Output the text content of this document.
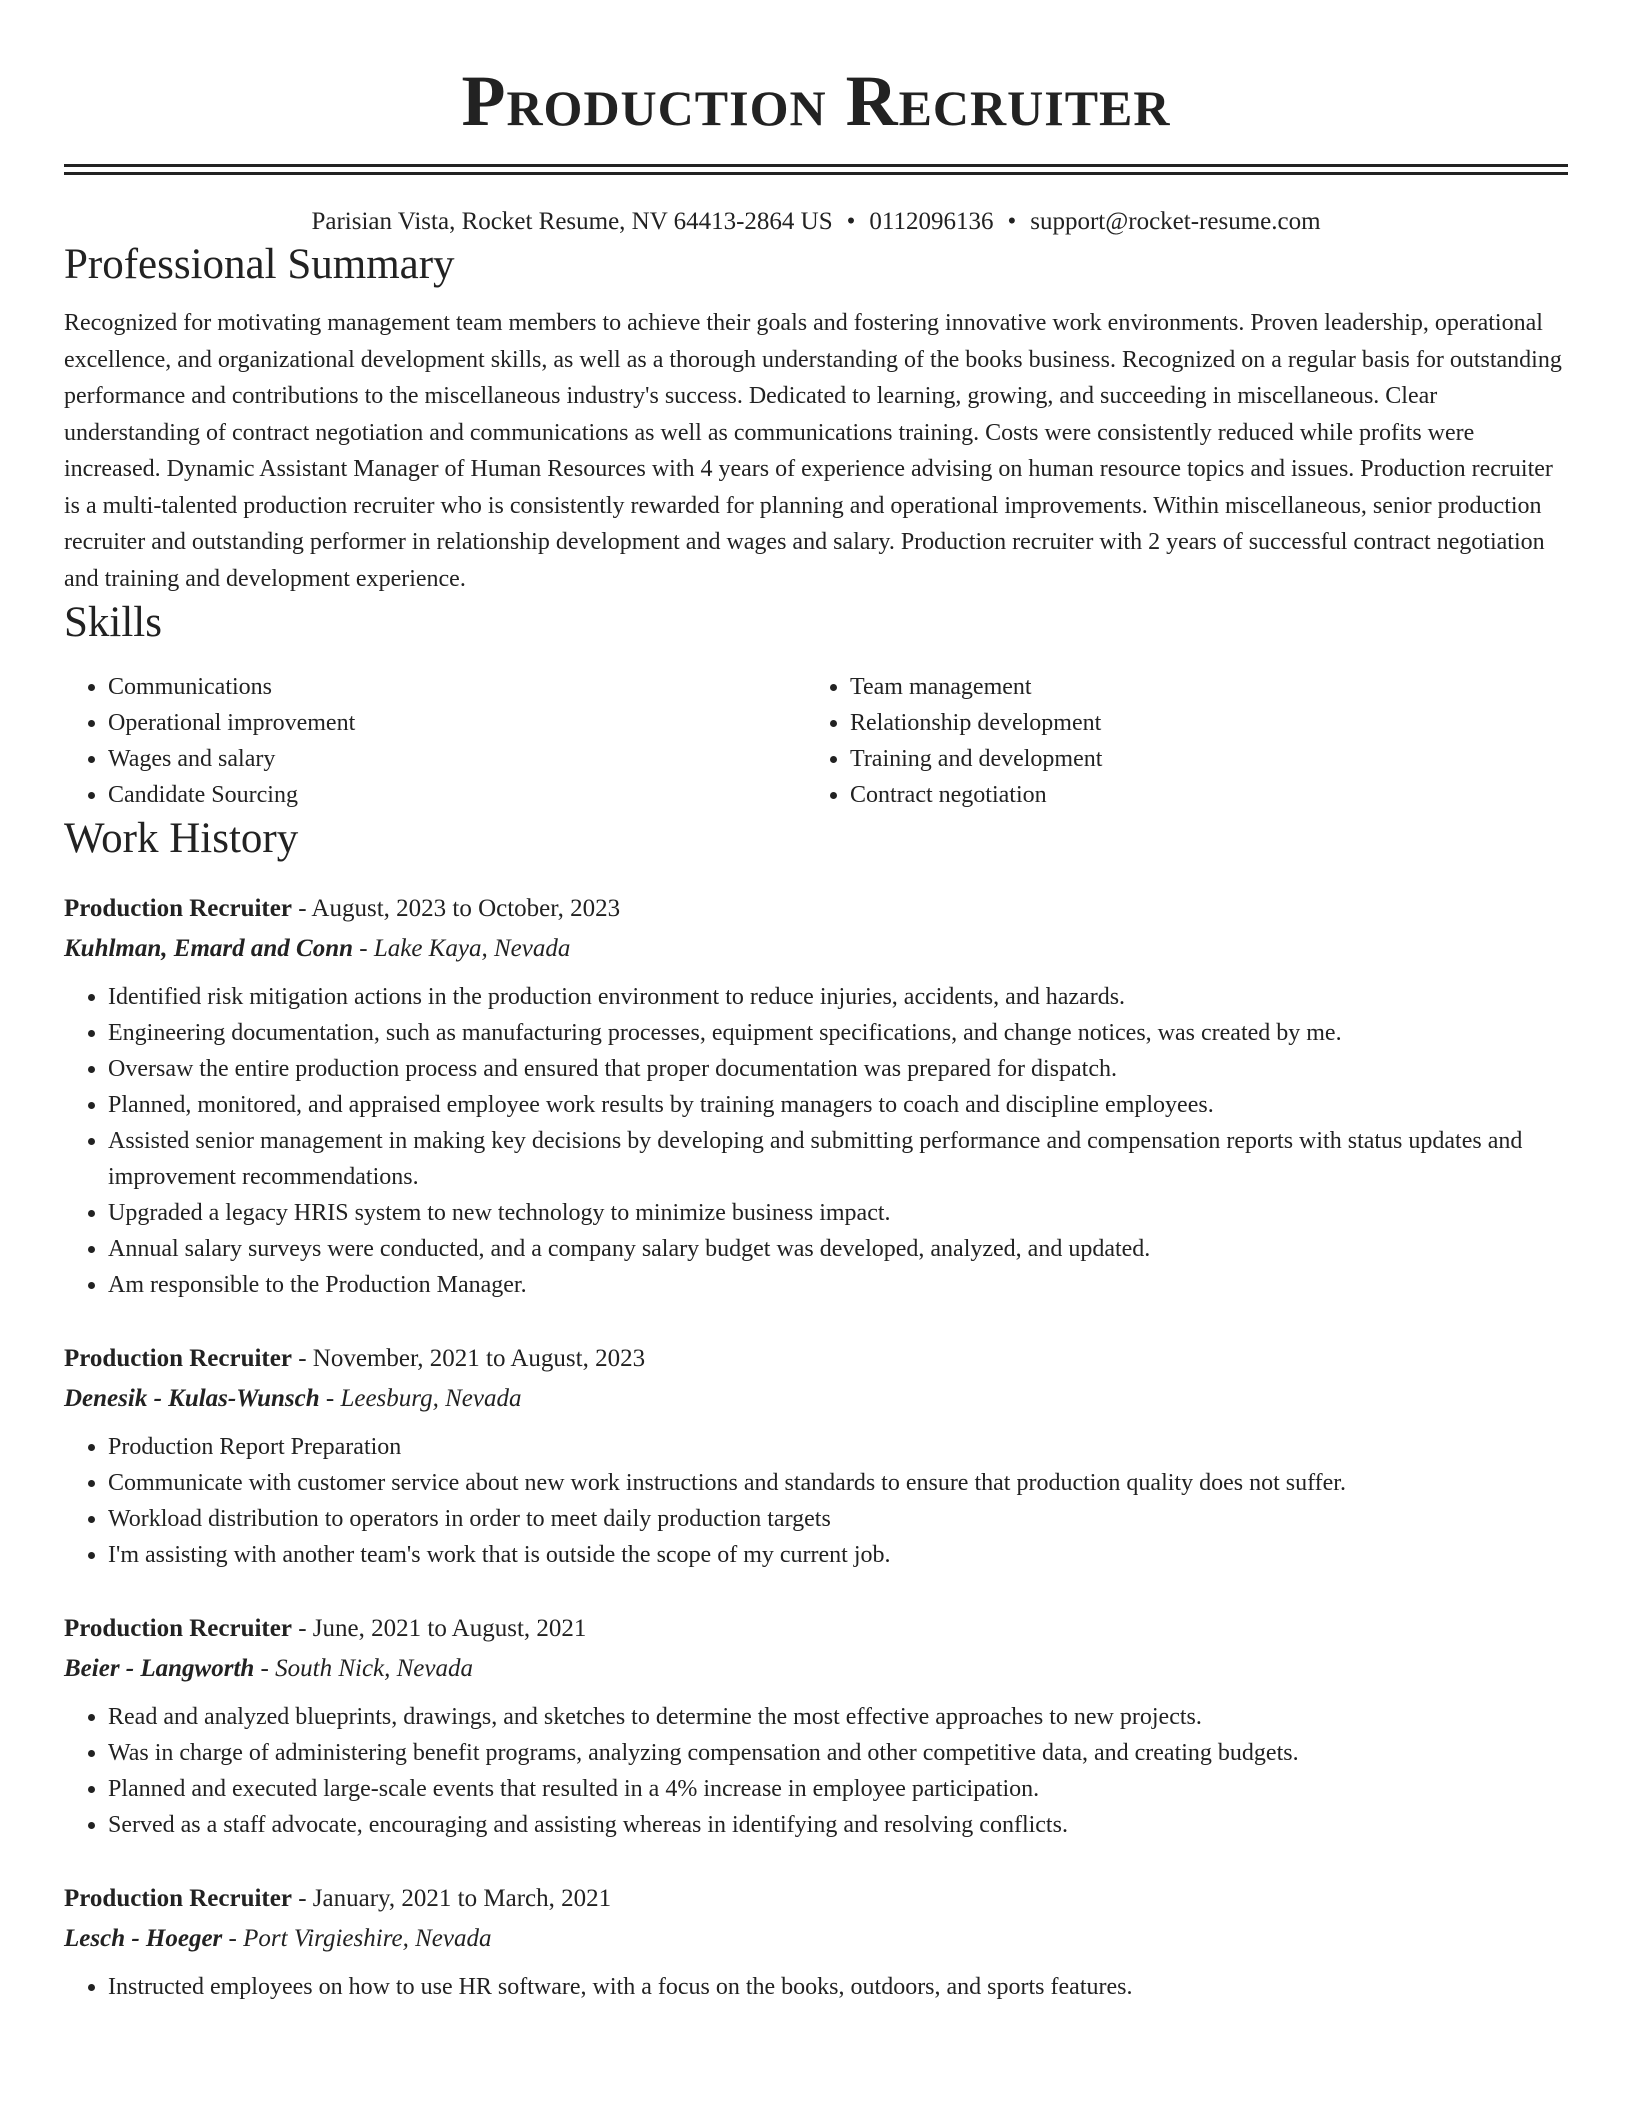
Production Recruiter
Parisian Vista, Rocket Resume, NV 64413-2864 US • 0112096136 • support@rocket-resume.com
Professional Summary

Recognized for motivating management team members to achieve their goals and fostering innovative work environments. Proven leadership, operational excellence, and organizational development skills, as well as a thorough understanding of the books business. Recognized on a regular basis for outstanding performance and contributions to the miscellaneous industry's success. Dedicated to learning, growing, and succeeding in miscellaneous. Clear understanding of contract negotiation and communications as well as communications training. Costs were consistently reduced while profits were increased. Dynamic Assistant Manager of Human Resources with 4 years of experience advising on human resource topics and issues. Production recruiter is a multi-talented production recruiter who is consistently rewarded for planning and operational improvements. Within miscellaneous, senior production recruiter and outstanding performer in relationship development and wages and salary. Production recruiter with 2 years of successful contract negotiation and training and development experience.

Skills
• Communications
• Operational improvement
• Wages and salary
• Candidate Sourcing
• Team management
• Relationship development
• Training and development
• Contract negotiation
Work History
Production Recruiter - August, 2023 to October, 2023
Kuhlman, Emard and Conn - Lake Kaya, Nevada
• Identified risk mitigation actions in the production environment to reduce injuries, accidents, and hazards.
• Engineering documentation, such as manufacturing processes, equipment specifications, and change notices, was created by me.
• Oversaw the entire production process and ensured that proper documentation was prepared for dispatch.
• Planned, monitored, and appraised employee work results by training managers to coach and discipline employees.
• Assisted senior management in making key decisions by developing and submitting performance and compensation reports with status updates and improvement recommendations.
• Upgraded a legacy HRIS system to new technology to minimize business impact.
• Annual salary surveys were conducted, and a company salary budget was developed, analyzed, and updated.
• Am responsible to the Production Manager.
Production Recruiter - November, 2021 to August, 2023
Denesik - Kulas-Wunsch - Leesburg, Nevada
• Production Report Preparation
• Communicate with customer service about new work instructions and standards to ensure that production quality does not suffer.
• Workload distribution to operators in order to meet daily production targets
• I'm assisting with another team's work that is outside the scope of my current job.
Production Recruiter - June, 2021 to August, 2021
Beier - Langworth - South Nick, Nevada
• Read and analyzed blueprints, drawings, and sketches to determine the most effective approaches to new projects.
• Was in charge of administering benefit programs, analyzing compensation and other competitive data, and creating budgets.
• Planned and executed large-scale events that resulted in a 4% increase in employee participation.
• Served as a staff advocate, encouraging and assisting whereas in identifying and resolving conflicts.
Production Recruiter - January, 2021 to March, 2021
Lesch - Hoeger - Port Virgieshire, Nevada
• Instructed employees on how to use HR software, with a focus on the books, outdoors, and sports features.
